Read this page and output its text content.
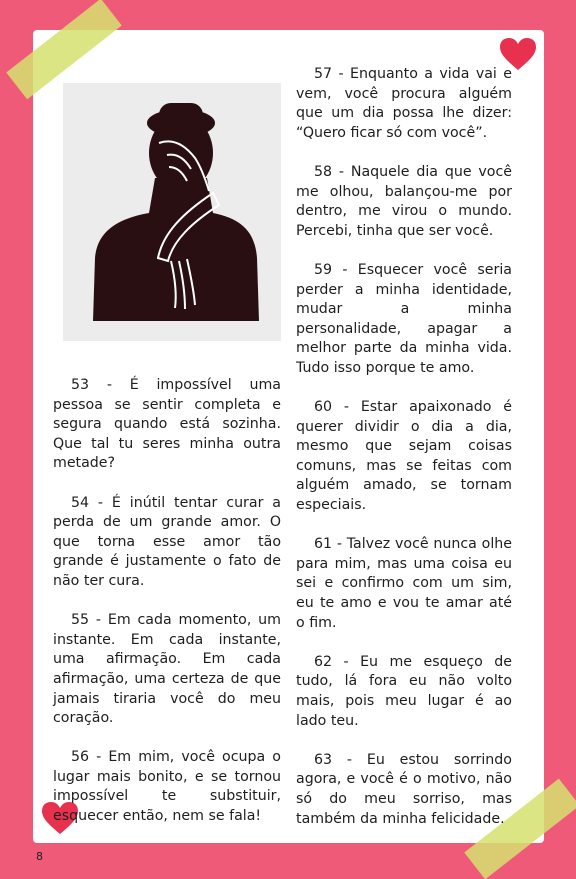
53 - É impossível uma pessoa se sentir completa e segura quando está sozinha. Que tal tu seres minha outra metade?

54 - É inútil tentar curar a perda de um grande amor. O que torna esse amor tão grande é justamente o fato de não ter cura.

55 - Em cada momento, um instante. Em cada instante, uma afirmação. Em cada afirmação, uma certeza de que jamais tiraria você do meu coração.

56 - Em mim, você ocupa o lugar mais bonito, e se tornou impossível te substituir, esquecer então, nem se fala!

57 - Enquanto a vida vai e vem, você procura alguém que um dia possa lhe dizer: “Quero ficar só com você”.

58 - Naquele dia que você me olhou, balançou-me por dentro, me virou o mundo. Percebi, tinha que ser você.

59 - Esquecer você seria perder a minha identidade, mudar a minha personalidade, apagar a melhor parte da minha vida. Tudo isso porque te amo.

60 - Estar apaixonado é querer dividir o dia a dia, mesmo que sejam coisas comuns, mas se feitas com alguém amado, se tornam especiais.

61 - Talvez você nunca olhe para mim, mas uma coisa eu sei e confirmo com um sim, eu te amo e vou te amar até o fim.

62 - Eu me esqueço de tudo, lá fora eu não volto mais, pois meu lugar é ao lado teu.

63 - Eu estou sorrindo agora, e você é o motivo, não só do meu sorriso, mas também da minha felicidade.

8
